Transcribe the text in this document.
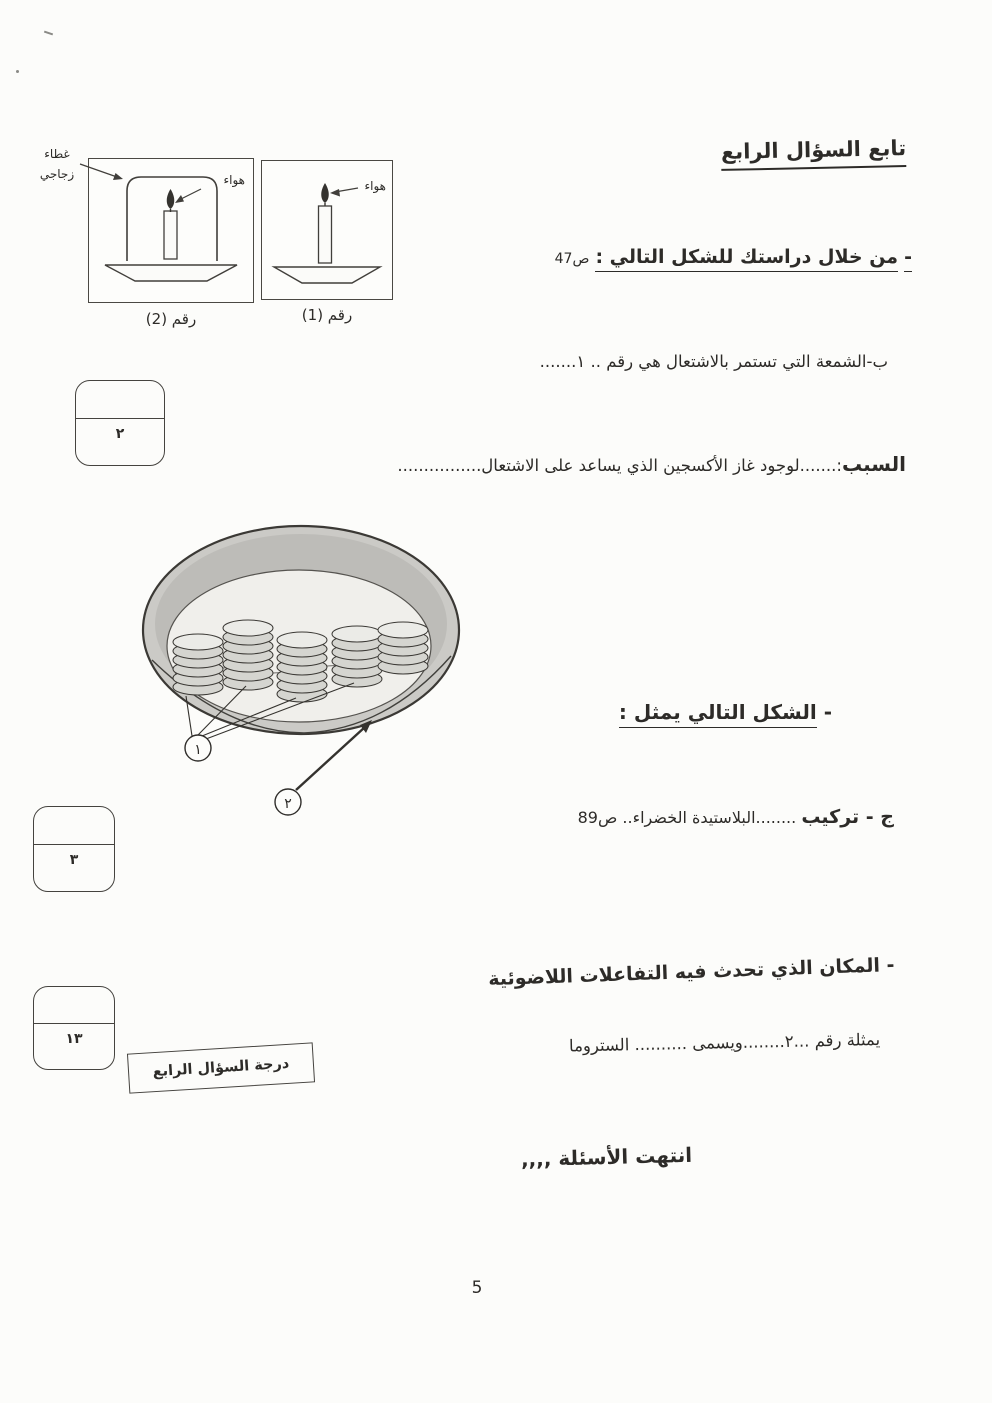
تابع السؤال الرابع
غطاء
زجاجي	هواء	هواء
رقم (2)	رقم (1)
- من خلال دراستك للشكل التالي : ص47
ب-الشمعة التي تستمر بالاشتعال هي رقم .. ١.......
٢
السبب:.......لوجود غاز الأكسجين الذي يساعد على الاشتعال................
١
٢
- الشكل التالي يمثل :
ج - تركيب ........البلاستيدة الخضراء.. ص89
٣
- المكان الذي تحدث فيه التفاعلات اللاضوئية
يمثلة رقم ...٢........ويسمى .......... الستروما
١٣
درجة السؤال الرابع
انتهت الأسئلة ,,,,
5
